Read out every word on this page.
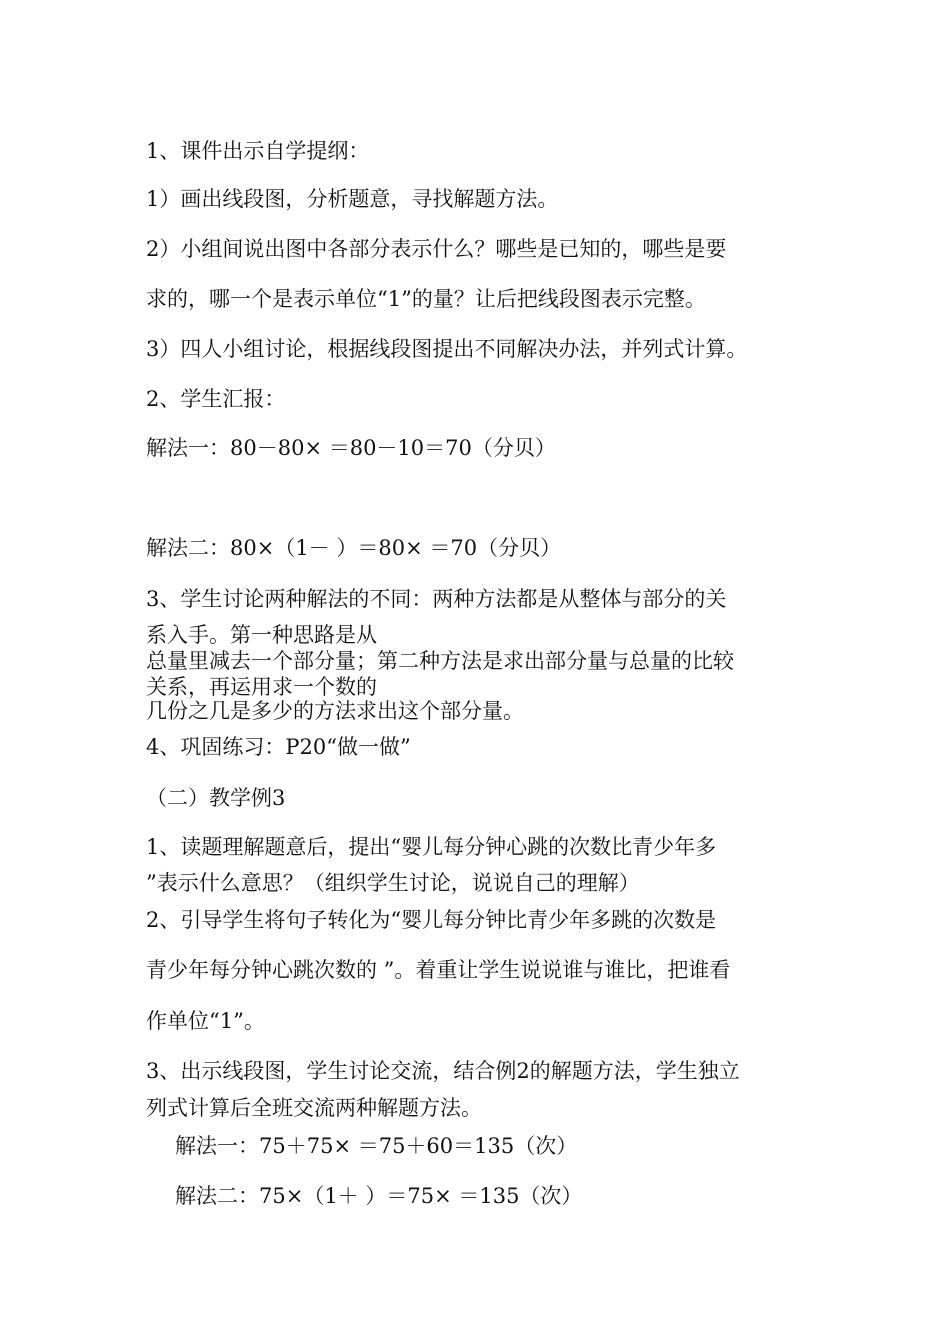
1、课件出示自学提纲：
1）画出线段图，分析题意，寻找解题方法。
2）小组间说出图中各部分表示什么？哪些是已知的，哪些是要
求的，哪一个是表示单位“1”的量？让后把线段图表示完整。
3）四人小组讨论，根据线段图提出不同解决办法，并列式计算。
2、学生汇报：
解法一：80－80× ＝80－10＝70（分贝）
解法二：80×（1－ ）＝80× ＝70（分贝）
3、学生讨论两种解法的不同：两种方法都是从整体与部分的关
系入手。第一种思路是从
总量里减去一个部分量；第二种方法是求出部分量与总量的比较
关系，再运用求一个数的
几份之几是多少的方法求出这个部分量。
4、巩固练习：P20“做一做”
（二）教学例3
1、读题理解题意后，提出“婴儿每分钟心跳的次数比青少年多
”表示什么意思？（组织学生讨论，说说自己的理解）
2、引导学生将句子转化为“婴儿每分钟比青少年多跳的次数是
青少年每分钟心跳次数的 ”。着重让学生说说谁与谁比，把谁看
作单位“1”。
3、出示线段图，学生讨论交流，结合例2的解题方法，学生独立
列式计算后全班交流两种解题方法。
解法一：75＋75× ＝75＋60＝135（次）
解法二：75×（1＋ ）＝75× ＝135（次）
